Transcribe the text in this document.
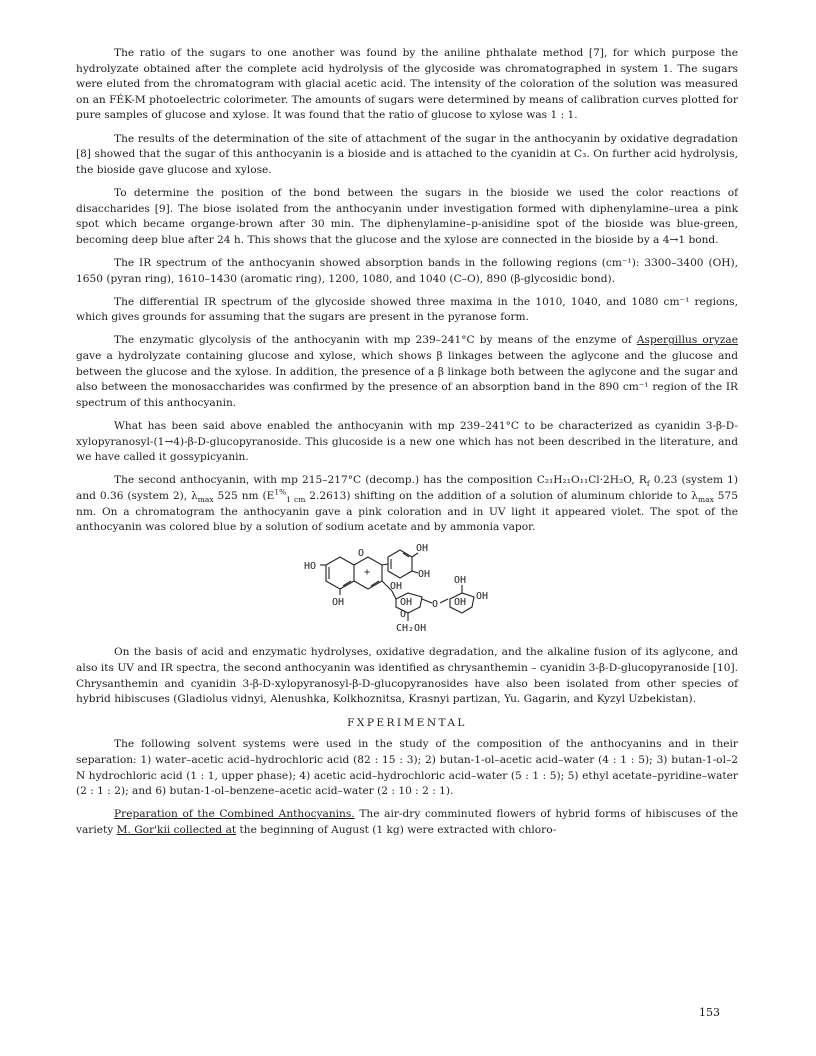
The ratio of the sugars to one another was found by the aniline phthalate method [7], for which purpose the hydrolyzate obtained after the complete acid hydrolysis of the glycoside was chromatographed in system 1. The sugars were eluted from the chromatogram with glacial acetic acid. The intensity of the coloration of the solution was measured on an FÉK-M photoelectric colorimeter. The amounts of sugars were determined by means of calibration curves plotted for pure samples of glucose and xylose. It was found that the ratio of glucose to xylose was 1 : 1.

The results of the determination of the site of attachment of the sugar in the anthocyanin by oxidative degradation [8] showed that the sugar of this anthocyanin is a bioside and is attached to the cyanidin at C₃. On further acid hydrolysis, the bioside gave glucose and xylose.

To determine the position of the bond between the sugars in the bioside we used the color reactions of disaccharides [9]. The biose isolated from the anthocyanin under investigation formed with diphenylamine–urea a pink spot which became organge-brown after 30 min. The diphenylamine–p-anisidine spot of the bioside was blue-green, becoming deep blue after 24 h. This shows that the glucose and the xylose are connected in the bioside by a 4→1 bond.

The IR spectrum of the anthocyanin showed absorption bands in the following regions (cm⁻¹): 3300–3400 (OH), 1650 (pyran ring), 1610–1430 (aromatic ring), 1200, 1080, and 1040 (C–O), 890 (β-glycosidic bond).

The differential IR spectrum of the glycoside showed three maxima in the 1010, 1040, and 1080 cm⁻¹ regions, which gives grounds for assuming that the sugars are present in the pyranose form.

The enzymatic glycolysis of the anthocyanin with mp 239–241°C by means of the enzyme of Aspergillus oryzae gave a hydrolyzate containing glucose and xylose, which shows β linkages between the aglycone and the glucose and between the glucose and the xylose. In addition, the presence of a β linkage both between the aglycone and the sugar and also between the monosaccharides was confirmed by the presence of an absorption band in the 890 cm⁻¹ region of the IR spectrum of this anthocyanin.

What has been said above enabled the anthocyanin with mp 239–241°C to be characterized as cyanidin 3-β-D-xylopyranosyl-(1→4)-β-D-glucopyranoside. This glucoside is a new one which has not been described in the literature, and we have called it gossypicyanin.

The second anthocyanin, with mp 215–217°C (decomp.) has the composition C₂₁H₂₁O₁₁Cl·2H₂O, $R_f$ 0.23 (system 1) and 0.36 (system 2), $\lambda_{max}$ 525 nm ($E^{1\%}_{1 cm}$ 2.2613) shifting on the addition of a solution of aluminum chloride to $\lambda_{max}$ 575 nm. On a chromatogram the anthocyanin gave a pink coloration and in UV light it appeared violet. The spot of the anthocyanin was colored blue by a solution of sodium acetate and by ammonia vapor.

HO
O
+
OH
OH
OH
OH
OH O
O
CH₂OH
OH
OH
OH

On the basis of acid and enzymatic hydrolyses, oxidative degradation, and the alkaline fusion of its aglycone, and also its UV and IR spectra, the second anthocyanin was identified as chrysanthemin – cyanidin 3-β-D-glucopyranoside [10]. Chrysanthemin and cyanidin 3-β-D-xylopyranosyl-β-D-glucopyranosides have also been isolated from other species of hybrid hibiscuses (Gladiolus vidnyi, Alenushka, Kolkhoznitsa, Krasnyi partizan, Yu. Gagarin, and Kyzyl Uzbekistan).

FXPERIMENTAL

The following solvent systems were used in the study of the composition of the anthocyanins and in their separation: 1) water–acetic acid–hydrochloric acid (82 : 15 : 3); 2) butan-1-ol–acetic acid–water (4 : 1 : 5); 3) butan-1-ol–2 N hydrochloric acid (1 : 1, upper phase); 4) acetic acid–hydrochloric acid–water (5 : 1 : 5); 5) ethyl acetate–pyridine–water (2 : 1 : 2); and 6) butan-1-ol–benzene–acetic acid–water (2 : 10 : 2 : 1).

Preparation of the Combined Anthocyanins. The air-dry comminuted flowers of hybrid forms of hibiscuses of the variety M. Gor'kii collected at the beginning of August (1 kg) were extracted with chloro-

153
